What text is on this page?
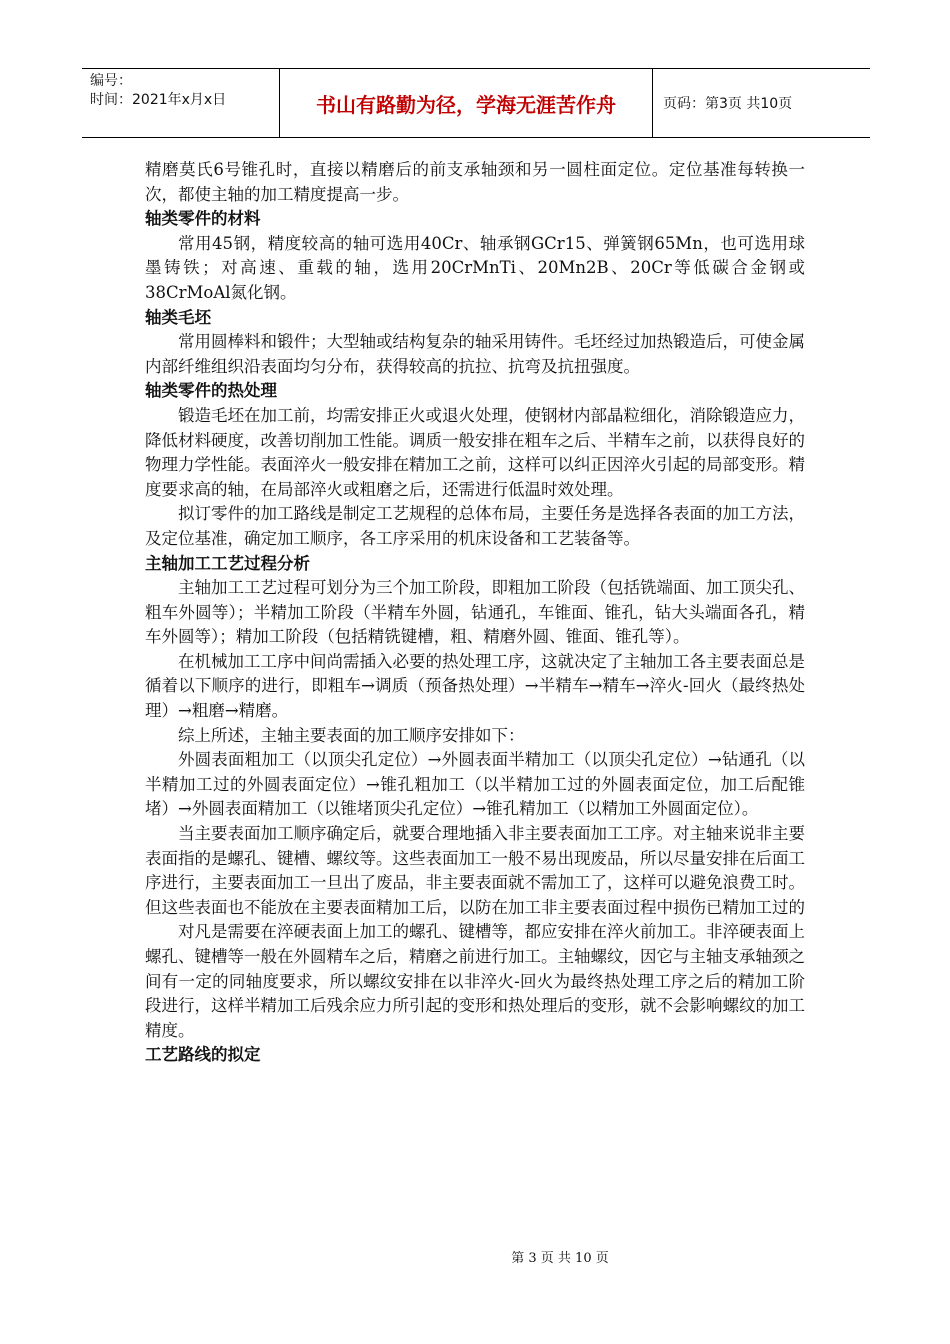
编号：
时间：2021年x月x日	书山有路勤为径，学海无涯苦作舟	页码：第3页 共10页

精磨莫氏6号锥孔时，直接以精磨后的前支承轴颈和另一圆柱面定位。定位基准每转换一次，都使主轴的加工精度提高一步。

轴类零件的材料

常用45钢，精度较高的轴可选用40Cr、轴承钢GCr15、弹簧钢65Mn，也可选用球墨铸铁；对高速、重载的轴，选用20CrMnTi、20Mn2B、20Cr等低碳合金钢或38CrMoAl氮化钢。

轴类毛坯

常用圆棒料和锻件；大型轴或结构复杂的轴采用铸件。毛坯经过加热锻造后，可使金属内部纤维组织沿表面均匀分布，获得较高的抗拉、抗弯及抗扭强度。

轴类零件的热处理

锻造毛坯在加工前，均需安排正火或退火处理，使钢材内部晶粒细化，消除锻造应力，降低材料硬度，改善切削加工性能。调质一般安排在粗车之后、半精车之前，以获得良好的物理力学性能。表面淬火一般安排在精加工之前，这样可以纠正因淬火引起的局部变形。精度要求高的轴，在局部淬火或粗磨之后，还需进行低温时效处理。

拟订零件的加工路线是制定工艺规程的总体布局，主要任务是选择各表面的加工方法，及定位基准，确定加工顺序，各工序采用的机床设备和工艺装备等。

主轴加工工艺过程分析

主轴加工工艺过程可划分为三个加工阶段，即粗加工阶段（包括铣端面、加工顶尖孔、粗车外圆等）；半精加工阶段（半精车外圆，钻通孔，车锥面、锥孔，钻大头端面各孔，精车外圆等）；精加工阶段（包括精铣键槽，粗、精磨外圆、锥面、锥孔等）。

在机械加工工序中间尚需插入必要的热处理工序，这就决定了主轴加工各主要表面总是循着以下顺序的进行，即粗车→调质（预备热处理）→半精车→精车→淬火-回火（最终热处理）→粗磨→精磨。

综上所述，主轴主要表面的加工顺序安排如下：

外圆表面粗加工（以顶尖孔定位）→外圆表面半精加工（以顶尖孔定位）→钻通孔（以半精加工过的外圆表面定位）→锥孔粗加工（以半精加工过的外圆表面定位，加工后配锥堵）→外圆表面精加工（以锥堵顶尖孔定位）→锥孔精加工（以精加工外圆面定位）。

当主要表面加工顺序确定后，就要合理地插入非主要表面加工工序。对主轴来说非主要表面指的是螺孔、键槽、螺纹等。这些表面加工一般不易出现废品，所以尽量安排在后面工序进行，主要表面加工一旦出了废品，非主要表面就不需加工了，这样可以避免浪费工时。但这些表面也不能放在主要表面精加工后，以防在加工非主要表面过程中损伤已精加工过的

对凡是需要在淬硬表面上加工的螺孔、键槽等，都应安排在淬火前加工。非淬硬表面上螺孔、键槽等一般在外圆精车之后，精磨之前进行加工。主轴螺纹，因它与主轴支承轴颈之间有一定的同轴度要求，所以螺纹安排在以非淬火-回火为最终热处理工序之后的精加工阶段进行，这样半精加工后残余应力所引起的变形和热处理后的变形，就不会影响螺纹的加工精度。

工艺路线的拟定
第 3 页 共 10 页
